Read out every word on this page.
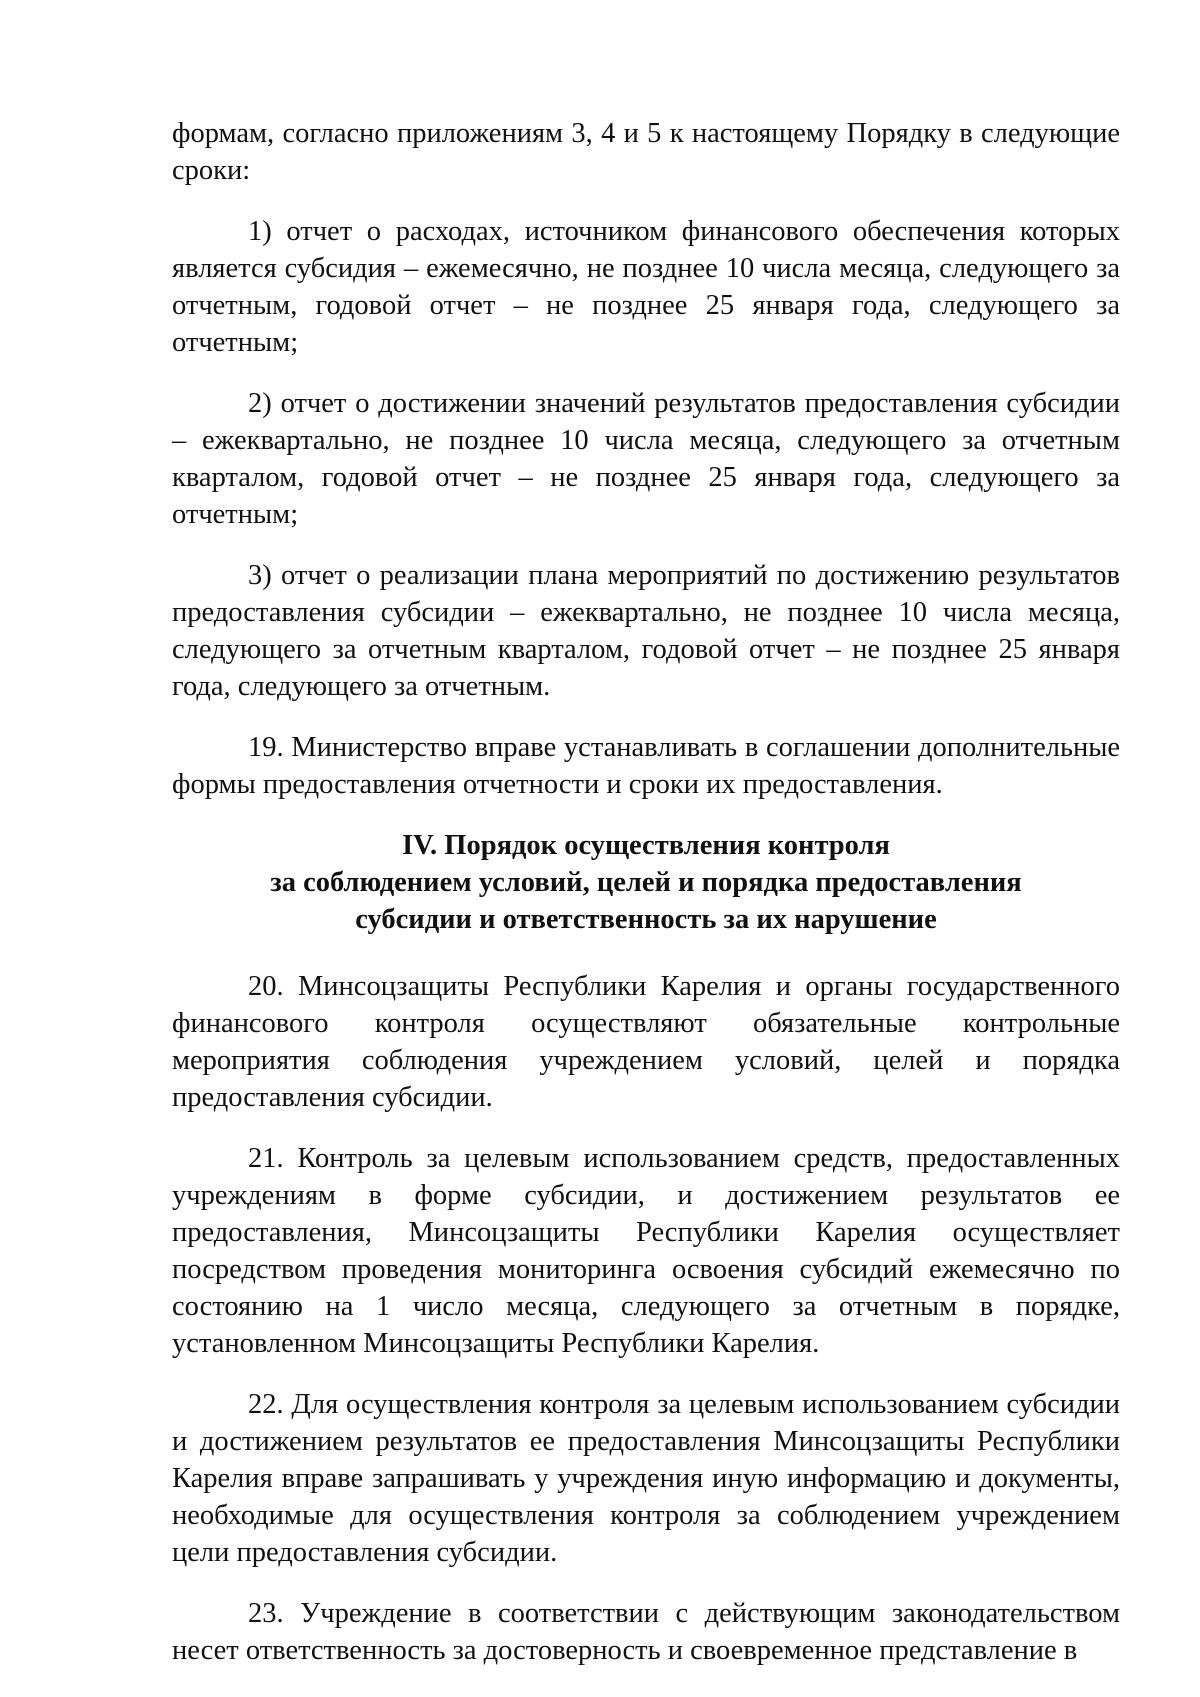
формам, согласно приложениям 3, 4 и 5 к настоящему Порядку в следующие сроки:

1) отчет о расходах, источником финансового обеспечения которых является субсидия – ежемесячно, не позднее 10 числа месяца, следующего за отчетным, годовой отчет – не позднее 25 января года, следующего за отчетным;

2) отчет о достижении значений результатов предоставления субсидии – ежеквартально, не позднее 10 числа месяца, следующего за отчетным кварталом, годовой отчет – не позднее 25 января года, следующего за отчетным;

3) отчет о реализации плана мероприятий по достижению результатов предоставления субсидии – ежеквартально, не позднее 10 числа месяца, следующего за отчетным кварталом, годовой отчет – не позднее 25 января года, следующего за отчетным.

19. Министерство вправе устанавливать в соглашении дополнительные формы предоставления отчетности и сроки их предоставления.

IV. Порядок осуществления контроля
за соблюдением условий, целей и порядка предоставления
субсидии и ответственность за их нарушение

20. Минсоцзащиты Республики Карелия и органы государственного финансового контроля осуществляют обязательные контрольные мероприятия соблюдения учреждением условий, целей и порядка предоставления субсидии.

21. Контроль за целевым использованием средств, предоставленных учреждениям в форме субсидии, и достижением результатов ее предоставления, Минсоцзащиты Республики Карелия осуществляет посредством проведения мониторинга освоения субсидий ежемесячно по состоянию на 1 число месяца, следующего за отчетным в порядке, установленном Минсоцзащиты Республики Карелия.

22. Для осуществления контроля за целевым использованием субсидии и достижением результатов ее предоставления Минсоцзащиты Республики Карелия вправе запрашивать у учреждения иную информацию и документы, необходимые для осуществления контроля за соблюдением учреждением цели предоставления субсидии.

23. Учреждение в соответствии с действующим законодательством несет ответственность за достоверность и своевременное представление в
